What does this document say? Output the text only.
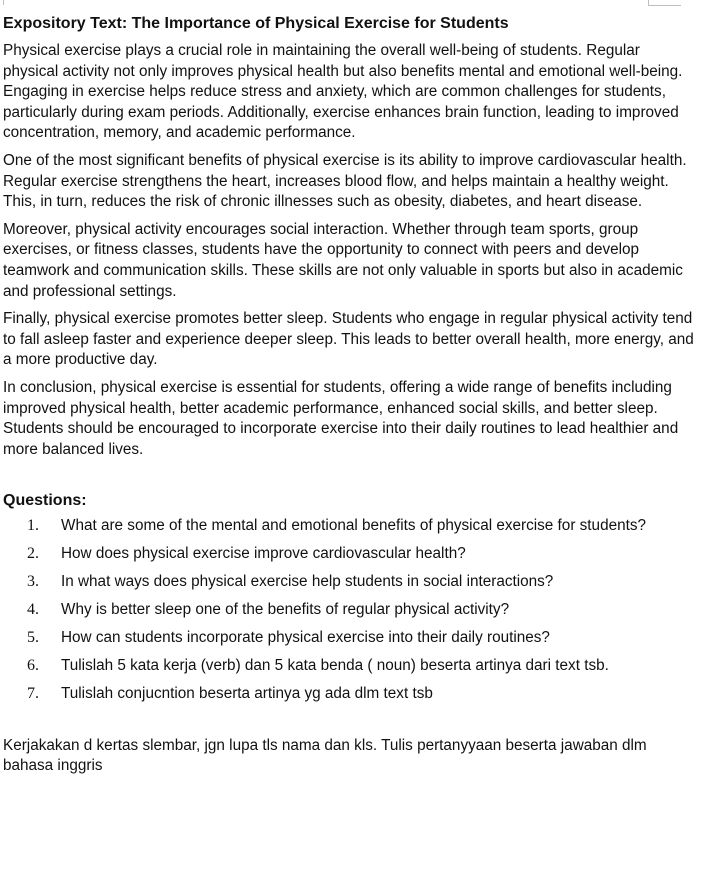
Expository Text: The Importance of Physical Exercise for Students

Physical exercise plays a crucial role in maintaining the overall well-being of students. Regular physical activity not only improves physical health but also benefits mental and emotional well-being. Engaging in exercise helps reduce stress and anxiety, which are common challenges for students, particularly during exam periods. Additionally, exercise enhances brain function, leading to improved concentration, memory, and academic performance.

One of the most significant benefits of physical exercise is its ability to improve cardiovascular health. Regular exercise strengthens the heart, increases blood flow, and helps maintain a healthy weight. This, in turn, reduces the risk of chronic illnesses such as obesity, diabetes, and heart disease.

Moreover, physical activity encourages social interaction. Whether through team sports, group exercises, or fitness classes, students have the opportunity to connect with peers and develop teamwork and communication skills. These skills are not only valuable in sports but also in academic and professional settings.

Finally, physical exercise promotes better sleep. Students who engage in regular physical activity tend to fall asleep faster and experience deeper sleep. This leads to better overall health, more energy, and a more productive day.

In conclusion, physical exercise is essential for students, offering a wide range of benefits including improved physical health, better academic performance, enhanced social skills, and better sleep. Students should be encouraged to incorporate exercise into their daily routines to lead healthier and more balanced lives.

Questions:
1.	What are some of the mental and emotional benefits of physical exercise for students?
2.	How does physical exercise improve cardiovascular health?
3.	In what ways does physical exercise help students in social interactions?
4.	Why is better sleep one of the benefits of regular physical activity?
5.	How can students incorporate physical exercise into their daily routines?
6.	Tulislah 5 kata kerja (verb) dan 5 kata benda ( noun) beserta artinya dari text tsb.
7.	Tulislah conjucntion beserta artinya yg ada dlm text tsb
Kerjakakan d kertas slembar, jgn lupa tls nama dan kls. Tulis pertanyyaan beserta jawaban dlm bahasa inggris
